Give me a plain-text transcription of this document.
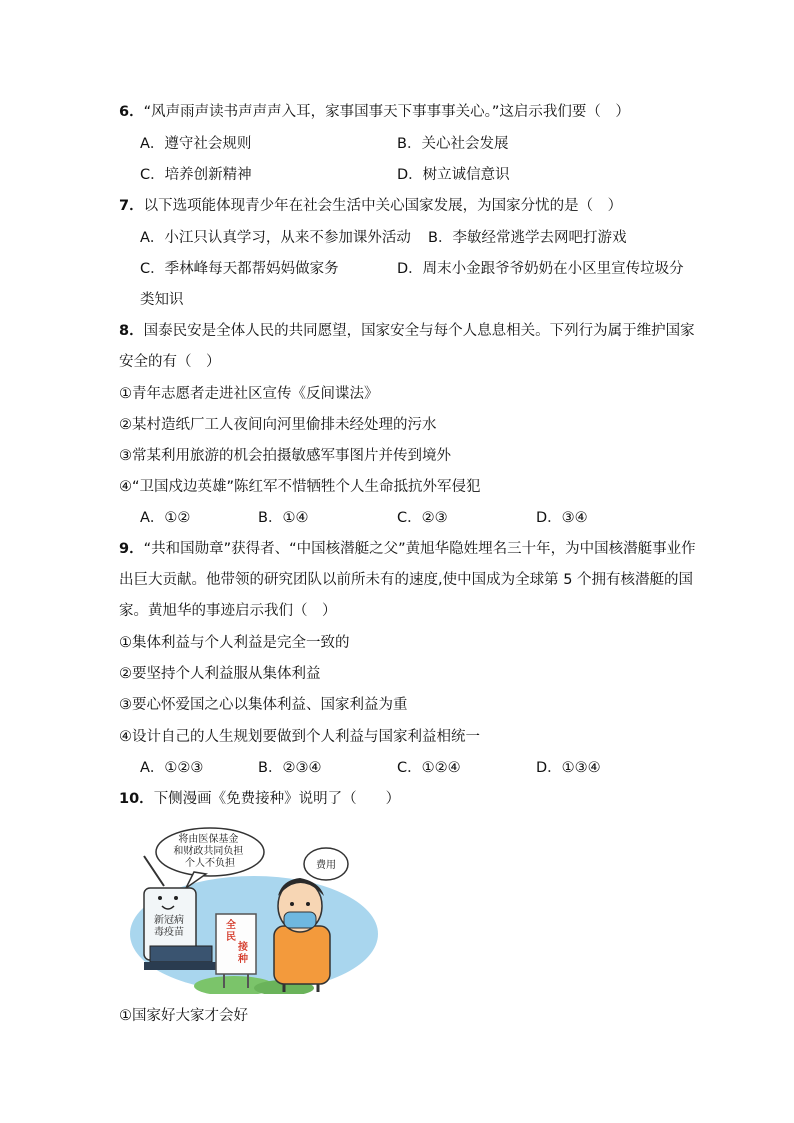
6．“风声雨声读书声声声入耳，家事国事天下事事事关心。”这启示我们要（　）
A．遵守社会规则	B．关心社会发展
C．培养创新精神	D．树立诚信意识
7．以下选项能体现青少年在社会生活中关心国家发展，为国家分忧的是（　）
A．小江只认真学习，从来不参加课外活动 B．李敏经常逃学去网吧打游戏
C．季林峰每天都帮妈妈做家务	D．周末小金跟爷爷奶奶在小区里宣传垃圾分
类知识
8．国泰民安是全体人民的共同愿望，国家安全与每个人息息相关。下列行为属于维护国家
安全的有（　）
①青年志愿者走进社区宣传《反间谍法》
②某村造纸厂工人夜间向河里偷排未经处理的污水
③常某利用旅游的机会拍摄敏感军事图片并传到境外
④“卫国戍边英雄”陈红军不惜牺牲个人生命抵抗外军侵犯
A．①②	B．①④	C．②③	D．③④
9．“共和国勋章”获得者、“中国核潜艇之父”黄旭华隐姓埋名三十年，为中国核潜艇事业作
出巨大贡献。他带领的研究团队以前所未有的速度,使中国成为全球第 5 个拥有核潜艇的国
家。黄旭华的事迹启示我们（　）
①集体利益与个人利益是完全一致的
②要坚持个人利益服从集体利益
③要心怀爱国之心以集体利益、国家利益为重
④设计自己的人生规划要做到个人利益与国家利益相统一
A．①②③	B．②③④	C．①②④	D．①③④
10．下侧漫画《免费接种》说明了（　　）
新冠病 毒疫苗
全 民 接 种
将由医保基金 和财政共同负担 个人不负担	费用
①国家好大家才会好
